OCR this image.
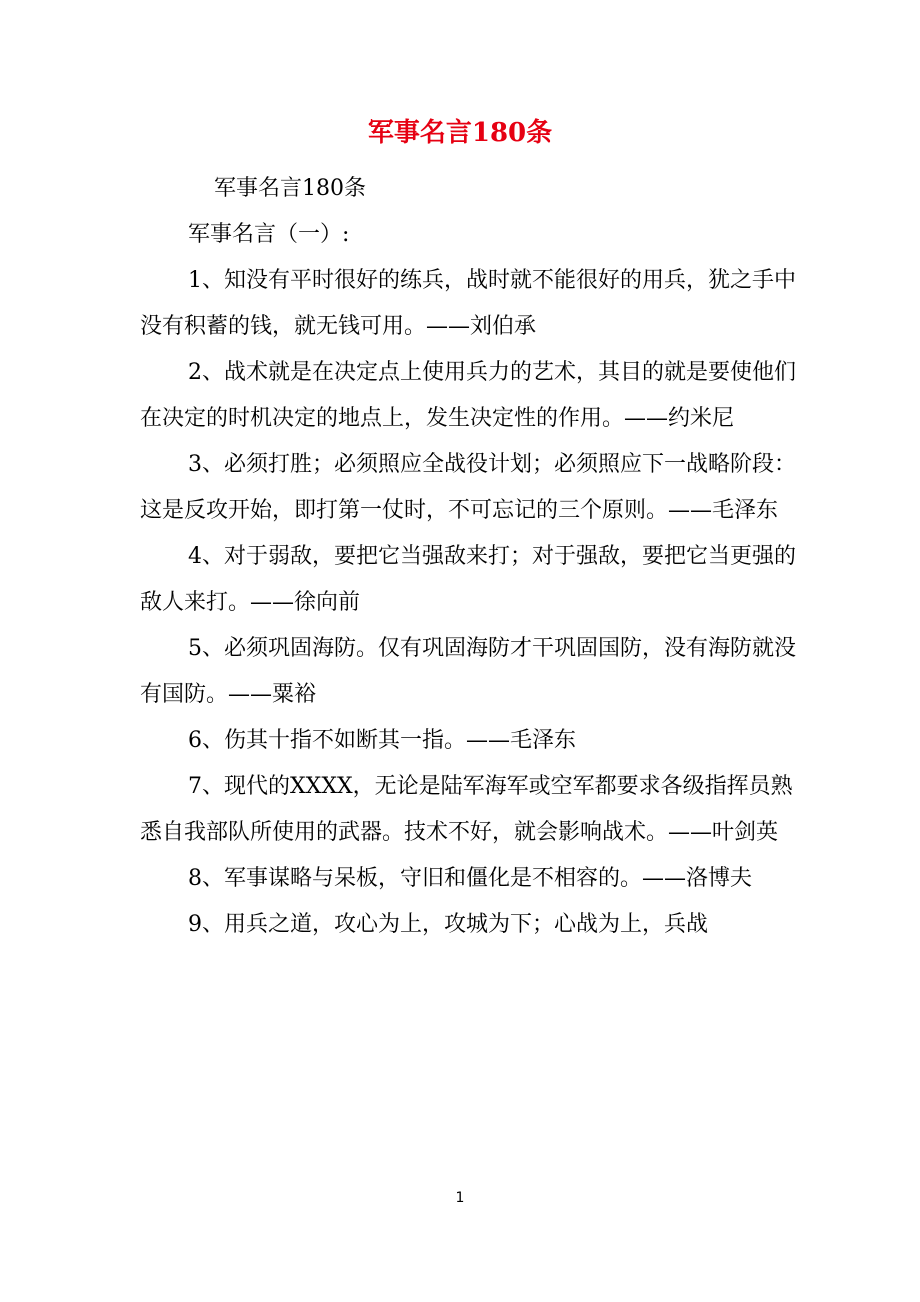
军事名言180条

军事名言180条

军事名言（一）:

1、知没有平时很好的练兵，战时就不能很好的用兵，犹之手中没有积蓄的钱，就无钱可用。——刘伯承

2、战术就是在决定点上使用兵力的艺术，其目的就是要使他们在决定的时机决定的地点上，发生决定性的作用。——约米尼

3、必须打胜；必须照应全战役计划；必须照应下一战略阶段：这是反攻开始，即打第一仗时，不可忘记的三个原则。——毛泽东

4、对于弱敌，要把它当强敌来打；对于强敌，要把它当更强的敌人来打。——徐向前

5、必须巩固海防。仅有巩固海防才干巩固国防，没有海防就没有国防。——粟裕

6、伤其十指不如断其一指。——毛泽东

7、现代的XXXX，无论是陆军海军或空军都要求各级指挥员熟悉自我部队所使用的武器。技术不好，就会影响战术。——叶剑英

8、军事谋略与呆板，守旧和僵化是不相容的。——洛博夫

9、用兵之道，攻心为上，攻城为下；心战为上，兵战

1
